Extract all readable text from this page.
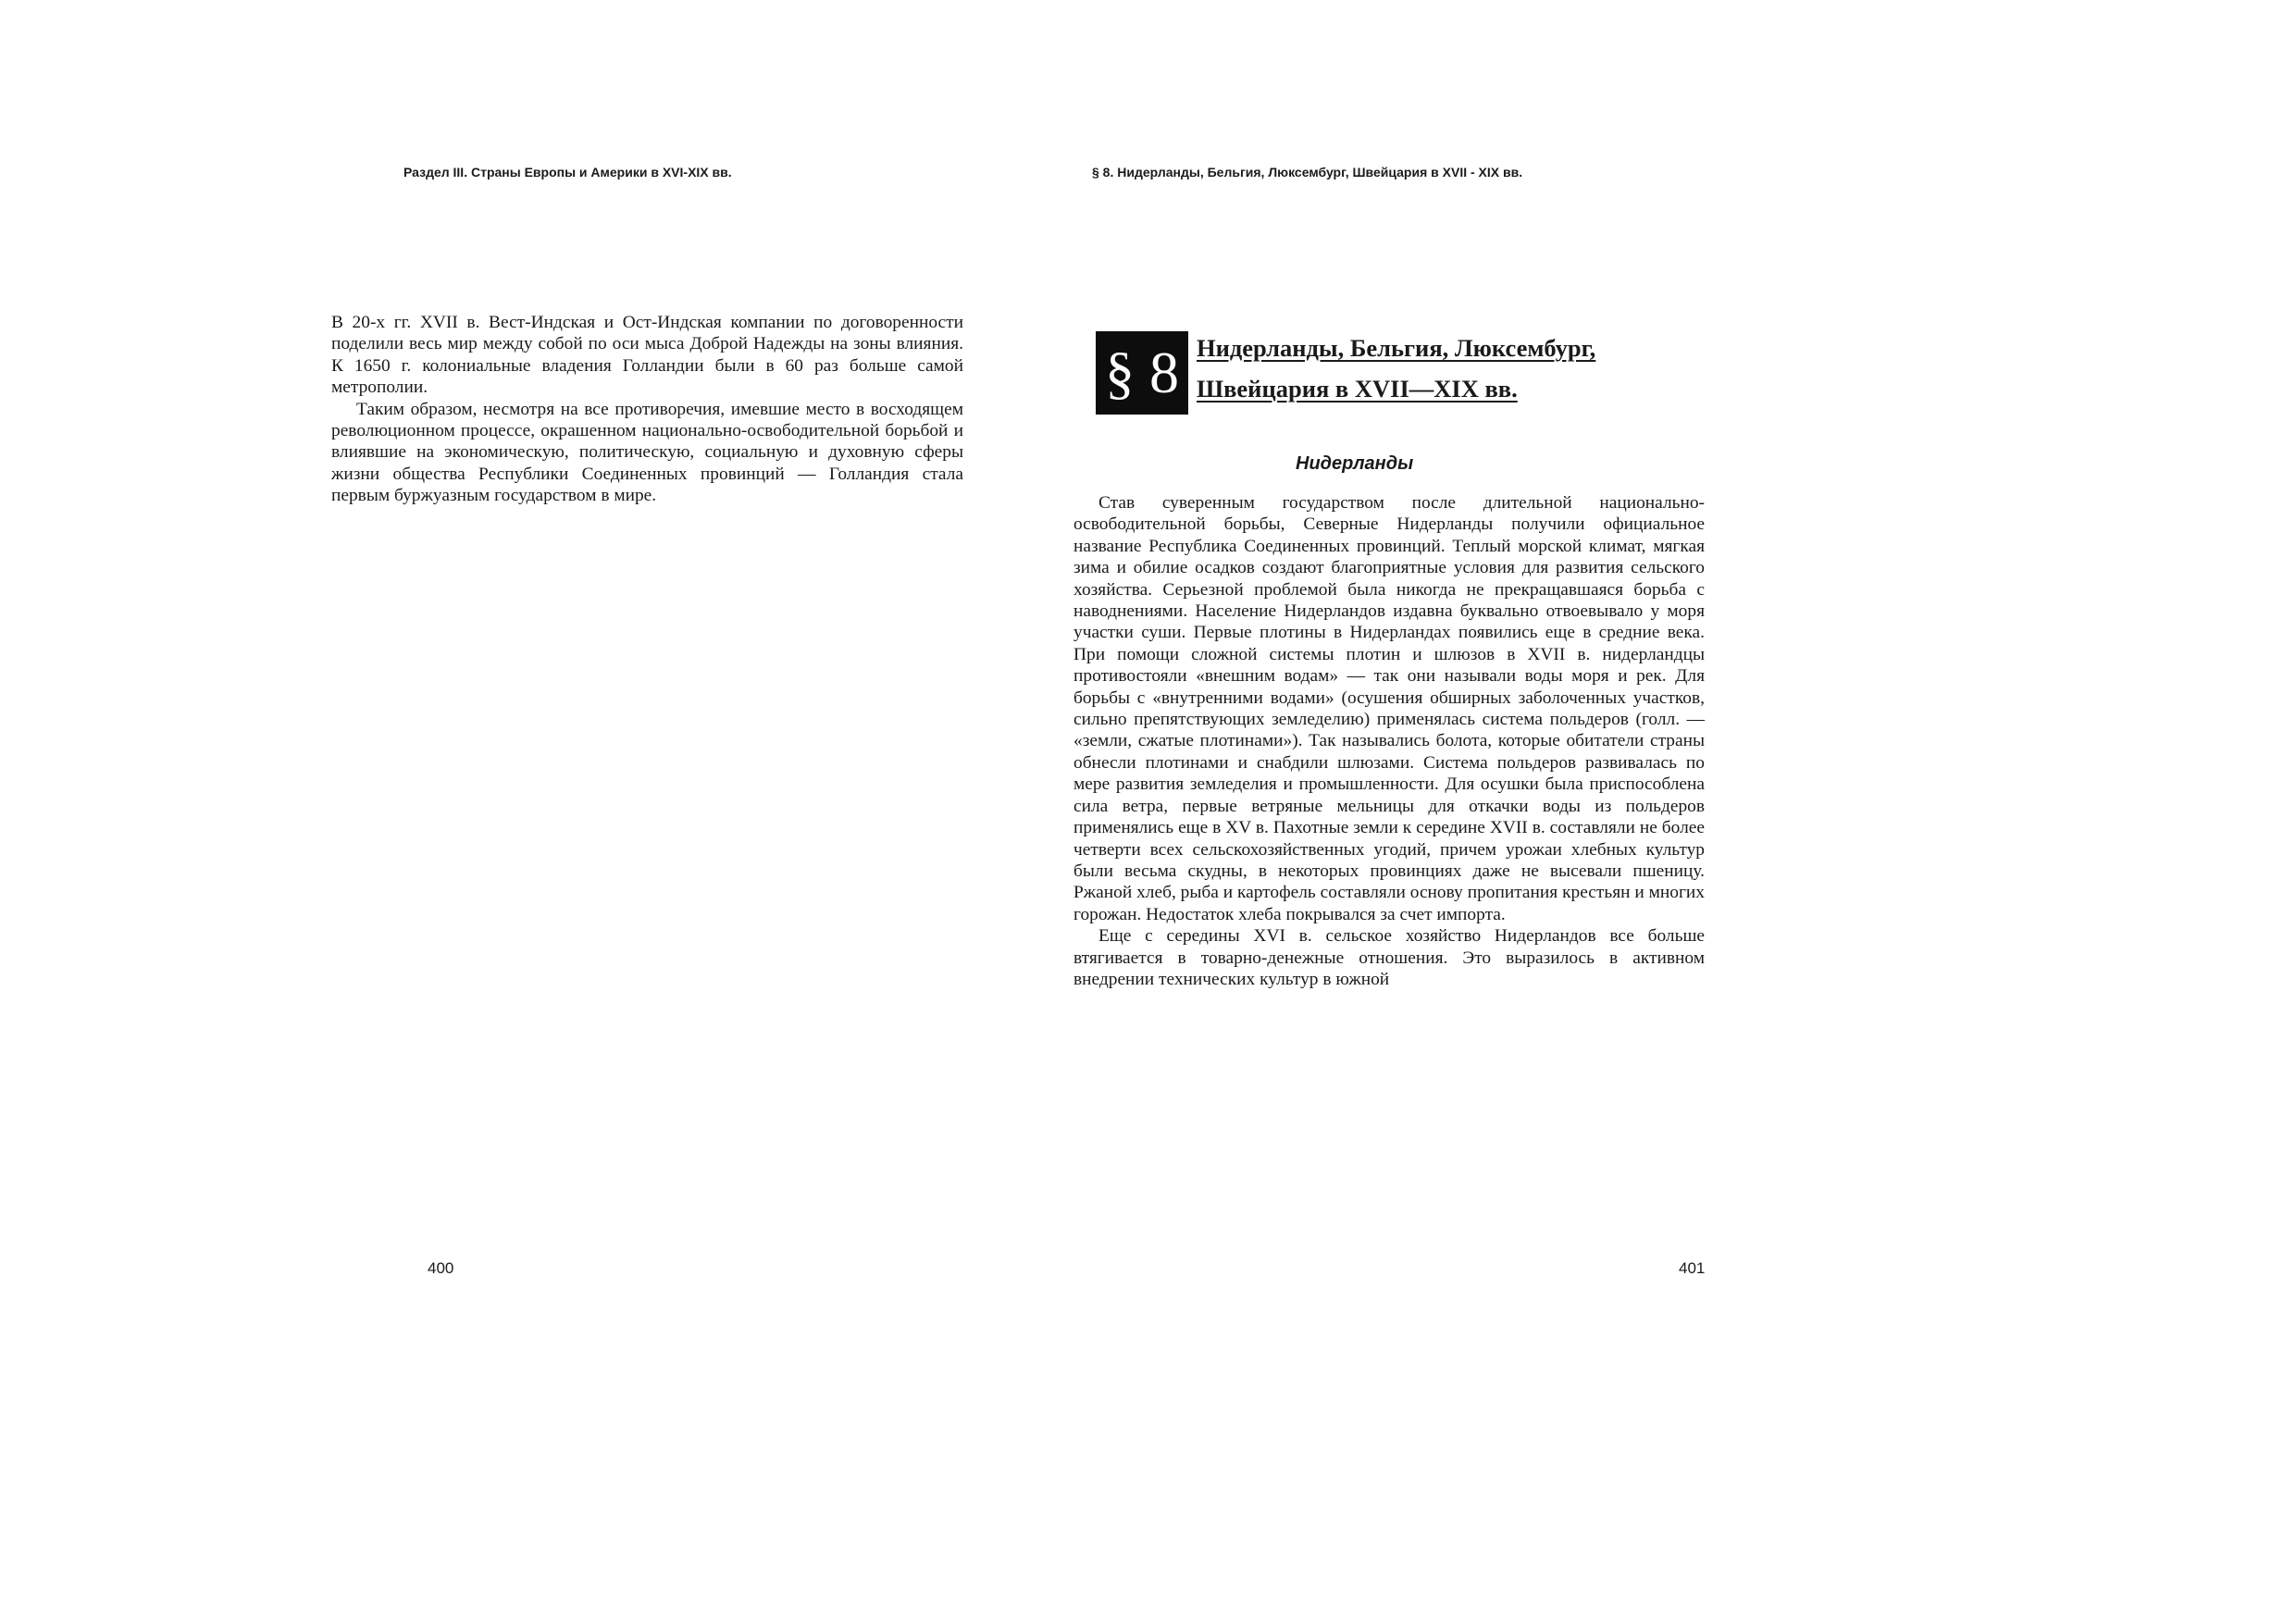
Раздел III. Страны Европы и Америки в XVI-XIX вв.

В 20-х гг. XVII в. Вест-Индская и Ост-Индская компании по договоренности поделили весь мир между собой по оси мыса Доброй Надежды на зоны влияния. К 1650 г. колониальные владения Голландии были в 60 раз больше самой метрополии.

Таким образом, несмотря на все противоречия, имевшие место в восходящем революционном процессе, окрашенном национально-освободительной борьбой и влиявшие на экономическую, политическую, социальную и духовную сферы жизни общества Республики Соединенных провинций — Голландия стала первым буржуазным государством в мире.

400
§ 8. Нидерланды, Бельгия, Люксембург, Швейцария в XVII - XIX вв.
§ 8 Нидерланды, Бельгия, Люксембург,
Швейцария в XVII—XIX вв.
Нидерланды

Став суверенным государством после длительной национально-освободительной борьбы, Северные Нидерланды получили официальное название Республика Соединенных провинций. Теплый морской климат, мягкая зима и обилие осадков создают благоприятные условия для развития сельского хозяйства. Серьезной проблемой была никогда не прекращавшаяся борьба с наводнениями. Население Нидерландов издавна буквально отвоевывало у моря участки суши. Первые плотины в Нидерландах появились еще в средние века. При помощи сложной системы плотин и шлюзов в XVII в. нидерландцы противостояли «внешним водам» — так они называли воды моря и рек. Для борьбы с «внутренними водами» (осушения обширных заболоченных участков, сильно препятствующих земледелию) применялась система польдеров (голл. — «земли, сжатые плотинами»). Так назывались болота, которые обитатели страны обнесли плотинами и снабдили шлюзами. Система польдеров развивалась по мере развития земледелия и промышленности. Для осушки была приспособлена сила ветра, первые ветряные мельницы для откачки воды из польдеров применялись еще в XV в. Пахотные земли к середине XVII в. составляли не более четверти всех сельскохозяйственных угодий, причем урожаи хлебных культур были весьма скудны, в некоторых провинциях даже не высевали пшеницу. Ржаной хлеб, рыба и картофель составляли основу пропитания крестьян и многих горожан. Недостаток хлеба покрывался за счет импорта.

Еще с середины XVI в. сельское хозяйство Нидерландов все больше втягивается в товарно-денежные отношения. Это выразилось в активном внедрении технических культур в южной

401
